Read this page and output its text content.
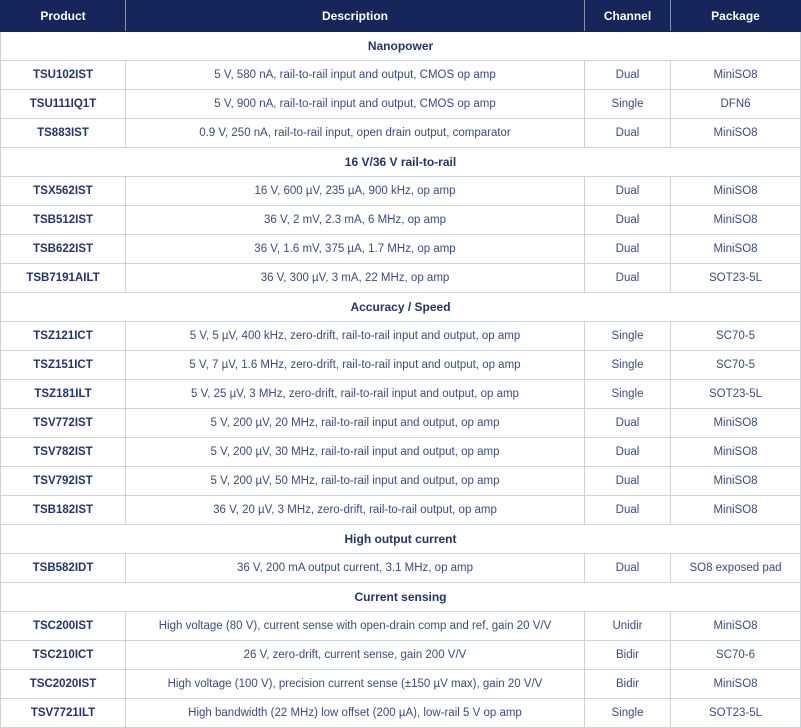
Product	Description	Channel	Package
Nanopower			
TSU102IST	5 V, 580 nA, rail-to-rail input and output, CMOS op amp	Dual	MiniSO8
TSU111IQ1T	5 V, 900 nA, rail-to-rail input and output, CMOS op amp	Single	DFN6
TS883IST	0.9 V, 250 nA, rail-to-rail input, open drain output, comparator	Dual	MiniSO8
16 V/36 V rail-to-rail			
TSX562IST	16 V, 600 µV, 235 µA, 900 kHz, op amp	Dual	MiniSO8
TSB512IST	36 V, 2 mV, 2.3 mA, 6 MHz, op amp	Dual	MiniSO8
TSB622IST	36 V, 1.6 mV, 375 µA, 1.7 MHz, op amp	Dual	MiniSO8
TSB7191AILT	36 V, 300 µV, 3 mA, 22 MHz, op amp	Dual	SOT23-5L
Accuracy / Speed			
TSZ121ICT	5 V, 5 µV, 400 kHz, zero-drift, rail-to-rail input and output, op amp	Single	SC70-5
TSZ151ICT	5 V, 7 µV, 1.6 MHz, zero-drift, rail-to-rail input and output, op amp	Single	SC70-5
TSZ181ILT	5 V, 25 µV, 3 MHz, zero-drift, rail-to-rail input and output, op amp	Single	SOT23-5L
TSV772IST	5 V, 200 µV, 20 MHz, rail-to-rail input and output, op amp	Dual	MiniSO8
TSV782IST	5 V, 200 µV, 30 MHz, rail-to-rail input and output, op amp	Dual	MiniSO8
TSV792IST	5 V, 200 µV, 50 MHz, rail-to-rail input and output, op amp	Dual	MiniSO8
TSB182IST	36 V, 20 µV, 3 MHz, zero-drift, rail-to-rail output, op amp	Dual	MiniSO8
High output current			
TSB582IDT	36 V, 200 mA output current, 3.1 MHz, op amp	Dual	SO8 exposed pad
Current sensing			
TSC200IST	High voltage (80 V), current sense with open-drain comp and ref, gain 20 V/V	Unidir	MiniSO8
TSC210ICT	26 V, zero-drift, current sense, gain 200 V/V	Bidir	SC70-6
TSC2020IST	High voltage (100 V), precision current sense (±150 µV max), gain 20 V/V	Bidir	MiniSO8
TSV7721ILT	High bandwidth (22 MHz) low offset (200 µA), low-rail 5 V op amp	Single	SOT23-5L
